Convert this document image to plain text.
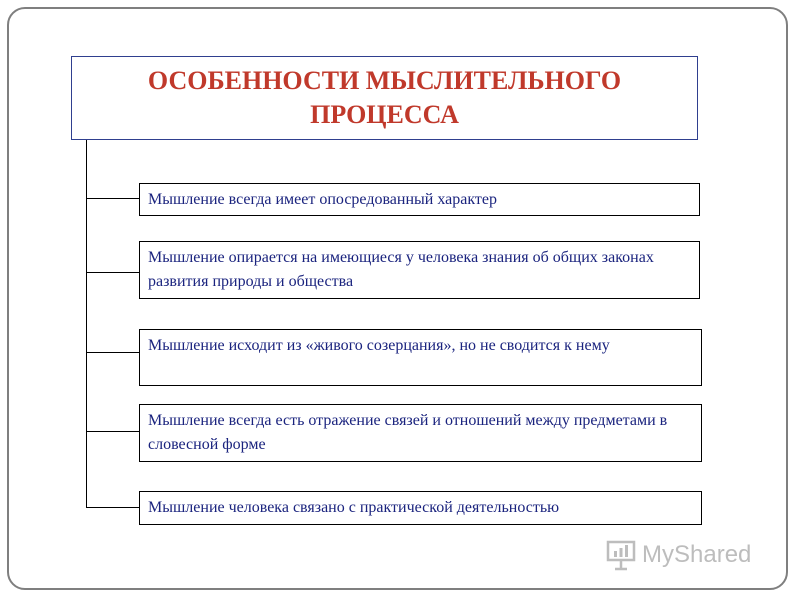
ОСОБЕННОСТИ МЫСЛИТЕЛЬНОГО ПРОЦЕССА
Мышление всегда имеет опосредованный характер
Мышление опирается на имеющиеся у человека знания об общих законах развития природы и общества
Мышление исходит из «живого созерцания», но не сводится к нему
Мышление всегда есть отражение связей и отношений между предметами в словесной форме
Мышление человека связано с практической деятельностью
MyShared
